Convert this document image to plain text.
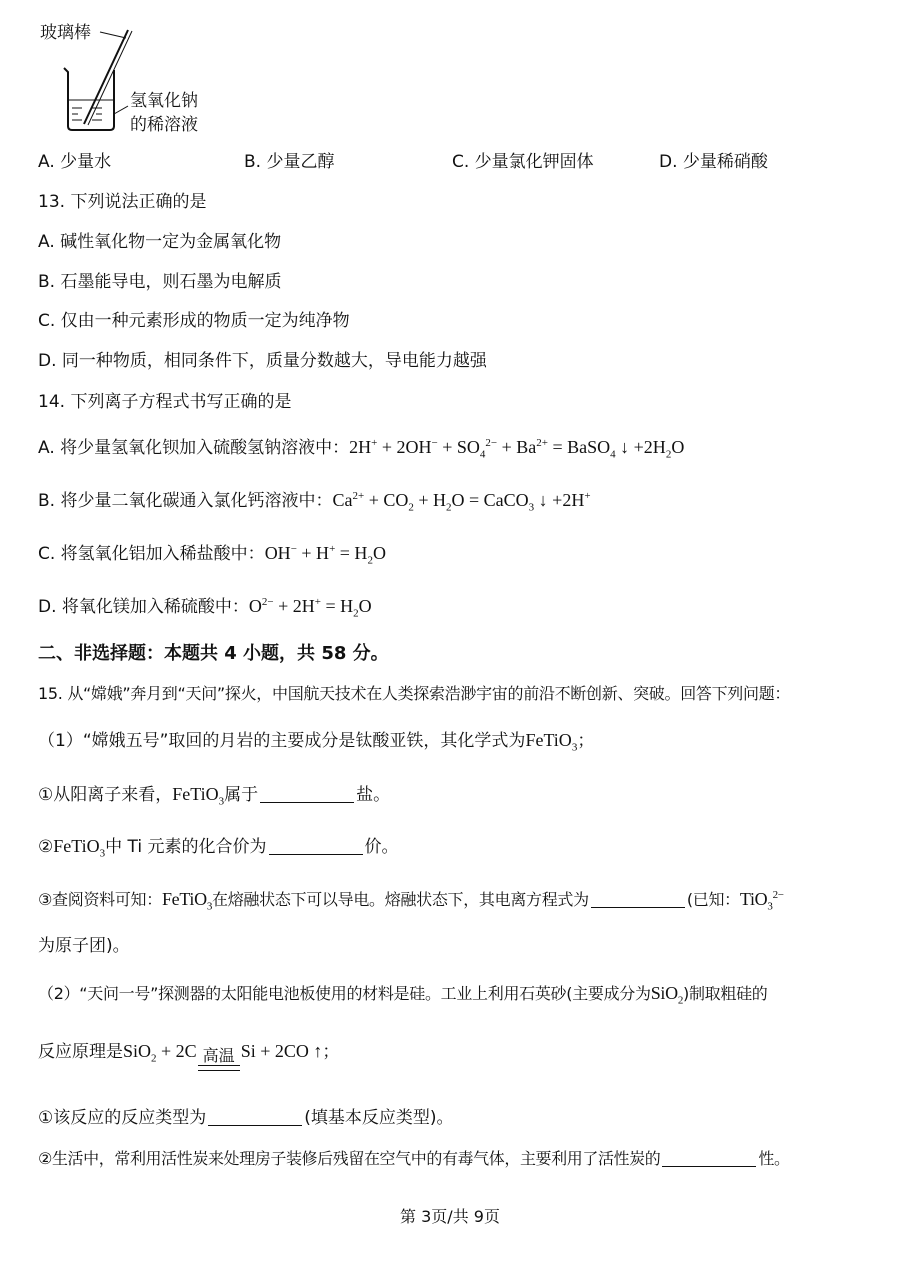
玻璃棒
氢氧化钠
的稀溶液
A. 少量水	B. 少量乙醇	C. 少量氯化钾固体	D. 少量稀硝酸
13. 下列说法正确的是
A. 碱性氧化物一定为金属氧化物
B. 石墨能导电，则石墨为电解质
C. 仅由一种元素形成的物质一定为纯净物
D. 同一种物质，相同条件下，质量分数越大，导电能力越强
14. 下列离子方程式书写正确的是
A. 将少量氢氧化钡加入硫酸氢钠溶液中：$2H^+ + 2OH^- + SO_4^{2-} + Ba^{2+}$ = BaSO$_4$ ↓ $+2H_2O$
B. 将少量二氧化碳通入氯化钙溶液中：$Ca^{2+} + CO_2 + H_2O$ = CaCO$_3$ ↓ +2H+
C. 将氢氧化铝加入稀盐酸中：$OH^- + H^+ = H_2O$
D. 将氧化镁加入稀硫酸中：$O^{2-} + 2H^+ = H_2O$
二、非选择题：本题共 4 小题，共 58 分。
15. 从“嫦娥”奔月到“天问”探火，中国航天技术在人类探索浩渺宇宙的前沿不断创新、突破。回答下列问题：
（1）“嫦娥五号”取回的月岩的主要成分是钛酸亚铁，其化学式为FeTiO$_3$；
①从阳离子来看，FeTiO$_3$属于	盐。
②FeTiO$_3$中 Ti 元素的化合价为	价。
③查阅资料可知：FeTiO$_3$在熔融状态下可以导电。熔融状态下，其电离方程式为	(已知：TiO$_3^{2-}$
为原子团)。
（2）“天问一号”探测器的太阳能电池板使用的材料是硅。工业上利用石英砂(主要成分为SiO$_2$)制取粗硅的
反应原理是SiO$_2$ + 2C 高温 Si + 2CO ↑；
①该反应的反应类型为	(填基本反应类型)。
②生活中，常利用活性炭来处理房子装修后残留在空气中的有毒气体，主要利用了活性炭的	性。
第 3页/共 9页
